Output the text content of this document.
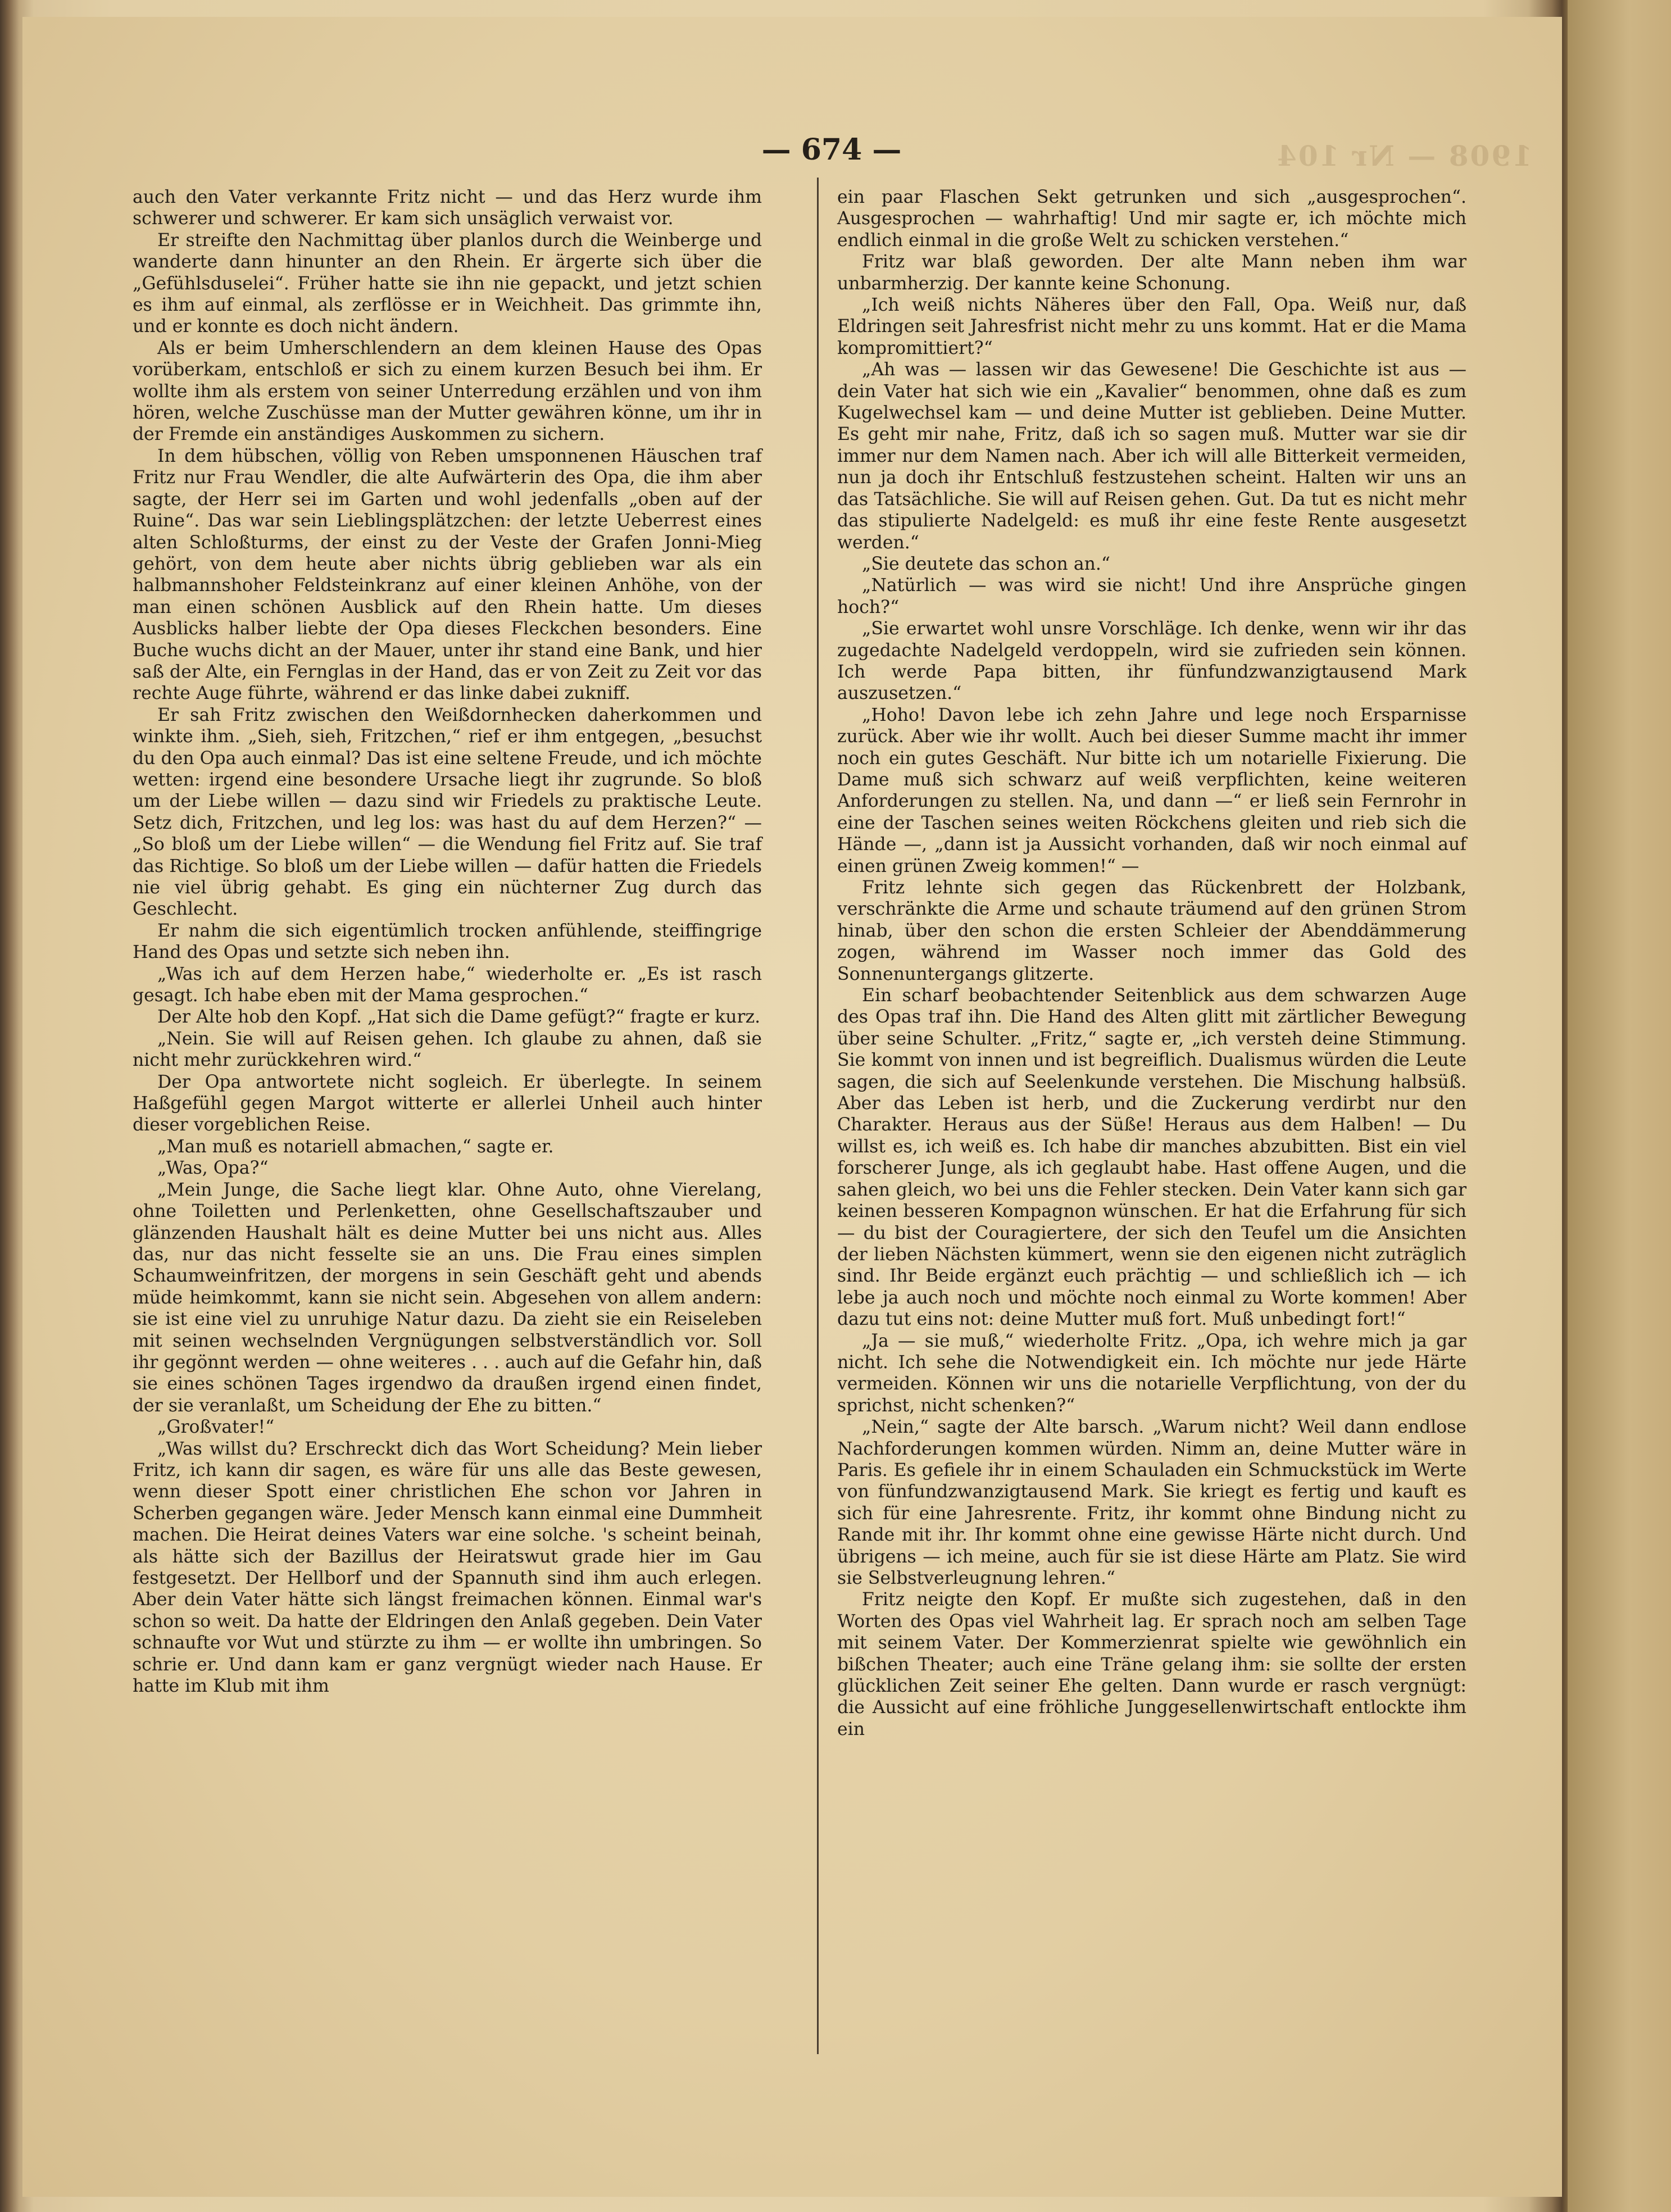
— 674 —

auch den Vater verkannte Fritz nicht — und das Herz wurde ihm schwerer und schwerer. Er kam sich unsäglich verwaist vor.

Er streifte den Nachmittag über planlos durch die Weinberge und wanderte dann hinunter an den Rhein. Er ärgerte sich über die „Gefühlsduselei“. Früher hatte sie ihn nie gepackt, und jetzt schien es ihm auf einmal, als zerflösse er in Weichheit. Das grimmte ihn, und er konnte es doch nicht ändern.

Als er beim Umherschlendern an dem kleinen Hause des Opas vorüberkam, entschloß er sich zu einem kurzen Besuch bei ihm. Er wollte ihm als erstem von seiner Unterredung erzählen und von ihm hören, welche Zuschüsse man der Mutter gewähren könne, um ihr in der Fremde ein anständiges Auskommen zu sichern.

In dem hübschen, völlig von Reben umsponnenen Häuschen traf Fritz nur Frau Wendler, die alte Aufwärterin des Opa, die ihm aber sagte, der Herr sei im Garten und wohl jedenfalls „oben auf der Ruine“. Das war sein Lieblingsplätzchen: der letzte Ueberrest eines alten Schloßturms, der einst zu der Veste der Grafen Jonni-Mieg gehört, von dem heute aber nichts übrig geblieben war als ein halbmannshoher Feldsteinkranz auf einer kleinen Anhöhe, von der man einen schönen Ausblick auf den Rhein hatte. Um dieses Ausblicks halber liebte der Opa dieses Fleckchen besonders. Eine Buche wuchs dicht an der Mauer, unter ihr stand eine Bank, und hier saß der Alte, ein Fernglas in der Hand, das er von Zeit zu Zeit vor das rechte Auge führte, während er das linke dabei zukniff.

Er sah Fritz zwischen den Weißdornhecken daherkommen und winkte ihm. „Sieh, sieh, Fritzchen,“ rief er ihm entgegen, „besuchst du den Opa auch einmal? Das ist eine seltene Freude, und ich möchte wetten: irgend eine besondere Ursache liegt ihr zugrunde. So bloß um der Liebe willen — dazu sind wir Friedels zu praktische Leute. Setz dich, Fritzchen, und leg los: was hast du auf dem Herzen?“ — „So bloß um der Liebe willen“ — die Wendung fiel Fritz auf. Sie traf das Richtige. So bloß um der Liebe willen — dafür hatten die Friedels nie viel übrig gehabt. Es ging ein nüchterner Zug durch das Geschlecht.

Er nahm die sich eigentümlich trocken anfühlende, steiffingrige Hand des Opas und setzte sich neben ihn.

„Was ich auf dem Herzen habe,“ wiederholte er. „Es ist rasch gesagt. Ich habe eben mit der Mama gesprochen.“

Der Alte hob den Kopf. „Hat sich die Dame gefügt?“ fragte er kurz.

„Nein. Sie will auf Reisen gehen. Ich glaube zu ahnen, daß sie nicht mehr zurückkehren wird.“

Der Opa antwortete nicht sogleich. Er überlegte. In seinem Haßgefühl gegen Margot witterte er allerlei Unheil auch hinter dieser vorgeblichen Reise.

„Man muß es notariell abmachen,“ sagte er.

„Was, Opa?“

„Mein Junge, die Sache liegt klar. Ohne Auto, ohne Vierelang, ohne Toiletten und Perlenketten, ohne Gesellschaftszauber und glänzenden Haushalt hält es deine Mutter bei uns nicht aus. Alles das, nur das nicht fesselte sie an uns. Die Frau eines simplen Schaumweinfritzen, der morgens in sein Geschäft geht und abends müde heimkommt, kann sie nicht sein. Abgesehen von allem andern: sie ist eine viel zu unruhige Natur dazu. Da zieht sie ein Reiseleben mit seinen wechselnden Vergnügungen selbstverständlich vor. Soll ihr gegönnt werden — ohne weiteres . . . auch auf die Gefahr hin, daß sie eines schönen Tages irgendwo da draußen irgend einen findet, der sie veranlaßt, um Scheidung der Ehe zu bitten.“

„Großvater!“

„Was willst du? Erschreckt dich das Wort Scheidung? Mein lieber Fritz, ich kann dir sagen, es wäre für uns alle das Beste gewesen, wenn dieser Spott einer christlichen Ehe schon vor Jahren in Scherben gegangen wäre. Jeder Mensch kann einmal eine Dummheit machen. Die Heirat deines Vaters war eine solche. 's scheint beinah, als hätte sich der Bazillus der Heiratswut grade hier im Gau festgesetzt. Der Hellborf und der Spannuth sind ihm auch erlegen. Aber dein Vater hätte sich längst freimachen können. Einmal war's schon so weit. Da hatte der Eldringen den Anlaß gegeben. Dein Vater schnaufte vor Wut und stürzte zu ihm — er wollte ihn umbringen. So schrie er. Und dann kam er ganz vergnügt wieder nach Hause. Er hatte im Klub mit ihm

ein paar Flaschen Sekt getrunken und sich „ausgesprochen“. Ausgesprochen — wahrhaftig! Und mir sagte er, ich möchte mich endlich einmal in die große Welt zu schicken verstehen.“

Fritz war blaß geworden. Der alte Mann neben ihm war unbarmherzig. Der kannte keine Schonung.

„Ich weiß nichts Näheres über den Fall, Opa. Weiß nur, daß Eldringen seit Jahresfrist nicht mehr zu uns kommt. Hat er die Mama kompromittiert?“

„Ah was — lassen wir das Gewesene! Die Geschichte ist aus — dein Vater hat sich wie ein „Kavalier“ benommen, ohne daß es zum Kugelwechsel kam — und deine Mutter ist geblieben. Deine Mutter. Es geht mir nahe, Fritz, daß ich so sagen muß. Mutter war sie dir immer nur dem Namen nach. Aber ich will alle Bitterkeit vermeiden, nun ja doch ihr Entschluß festzustehen scheint. Halten wir uns an das Tatsächliche. Sie will auf Reisen gehen. Gut. Da tut es nicht mehr das stipulierte Nadelgeld: es muß ihr eine feste Rente ausgesetzt werden.“

„Sie deutete das schon an.“

„Natürlich — was wird sie nicht! Und ihre Ansprüche gingen hoch?“

„Sie erwartet wohl unsre Vorschläge. Ich denke, wenn wir ihr das zugedachte Nadelgeld verdoppeln, wird sie zufrieden sein können. Ich werde Papa bitten, ihr fünfundzwanzigtausend Mark auszusetzen.“

„Hoho! Davon lebe ich zehn Jahre und lege noch Ersparnisse zurück. Aber wie ihr wollt. Auch bei dieser Summe macht ihr immer noch ein gutes Geschäft. Nur bitte ich um notarielle Fixierung. Die Dame muß sich schwarz auf weiß verpflichten, keine weiteren Anforderungen zu stellen. Na, und dann —“ er ließ sein Fernrohr in eine der Taschen seines weiten Röckchens gleiten und rieb sich die Hände —, „dann ist ja Aussicht vorhanden, daß wir noch einmal auf einen grünen Zweig kommen!“ —

Fritz lehnte sich gegen das Rückenbrett der Holzbank, verschränkte die Arme und schaute träumend auf den grünen Strom hinab, über den schon die ersten Schleier der Abenddämmerung zogen, während im Wasser noch immer das Gold des Sonnenuntergangs glitzerte.

Ein scharf beobachtender Seitenblick aus dem schwarzen Auge des Opas traf ihn. Die Hand des Alten glitt mit zärtlicher Bewegung über seine Schulter. „Fritz,“ sagte er, „ich versteh deine Stimmung. Sie kommt von innen und ist begreiflich. Dualismus würden die Leute sagen, die sich auf Seelenkunde verstehen. Die Mischung halbsüß. Aber das Leben ist herb, und die Zuckerung verdirbt nur den Charakter. Heraus aus der Süße! Heraus aus dem Halben! — Du willst es, ich weiß es. Ich habe dir manches abzubitten. Bist ein viel forscherer Junge, als ich geglaubt habe. Hast offene Augen, und die sahen gleich, wo bei uns die Fehler stecken. Dein Vater kann sich gar keinen besseren Kompagnon wünschen. Er hat die Erfahrung für sich — du bist der Couragiertere, der sich den Teufel um die Ansichten der lieben Nächsten kümmert, wenn sie den eigenen nicht zuträglich sind. Ihr Beide ergänzt euch prächtig — und schließlich ich — ich lebe ja auch noch und möchte noch einmal zu Worte kommen! Aber dazu tut eins not: deine Mutter muß fort. Muß unbedingt fort!“

„Ja — sie muß,“ wiederholte Fritz. „Opa, ich wehre mich ja gar nicht. Ich sehe die Notwendigkeit ein. Ich möchte nur jede Härte vermeiden. Können wir uns die notarielle Verpflichtung, von der du sprichst, nicht schenken?“

„Nein,“ sagte der Alte barsch. „Warum nicht? Weil dann endlose Nachforderungen kommen würden. Nimm an, deine Mutter wäre in Paris. Es gefiele ihr in einem Schauladen ein Schmuckstück im Werte von fünfundzwanzigtausend Mark. Sie kriegt es fertig und kauft es sich für eine Jahresrente. Fritz, ihr kommt ohne Bindung nicht zu Rande mit ihr. Ihr kommt ohne eine gewisse Härte nicht durch. Und übrigens — ich meine, auch für sie ist diese Härte am Platz. Sie wird sie Selbstverleugnung lehren.“

Fritz neigte den Kopf. Er mußte sich zugestehen, daß in den Worten des Opas viel Wahrheit lag. Er sprach noch am selben Tage mit seinem Vater. Der Kommerzienrat spielte wie gewöhnlich ein bißchen Theater; auch eine Träne gelang ihm: sie sollte der ersten glücklichen Zeit seiner Ehe gelten. Dann wurde er rasch vergnügt: die Aussicht auf eine fröhliche Junggesellenwirtschaft entlockte ihm ein

1908 — Nr 104
